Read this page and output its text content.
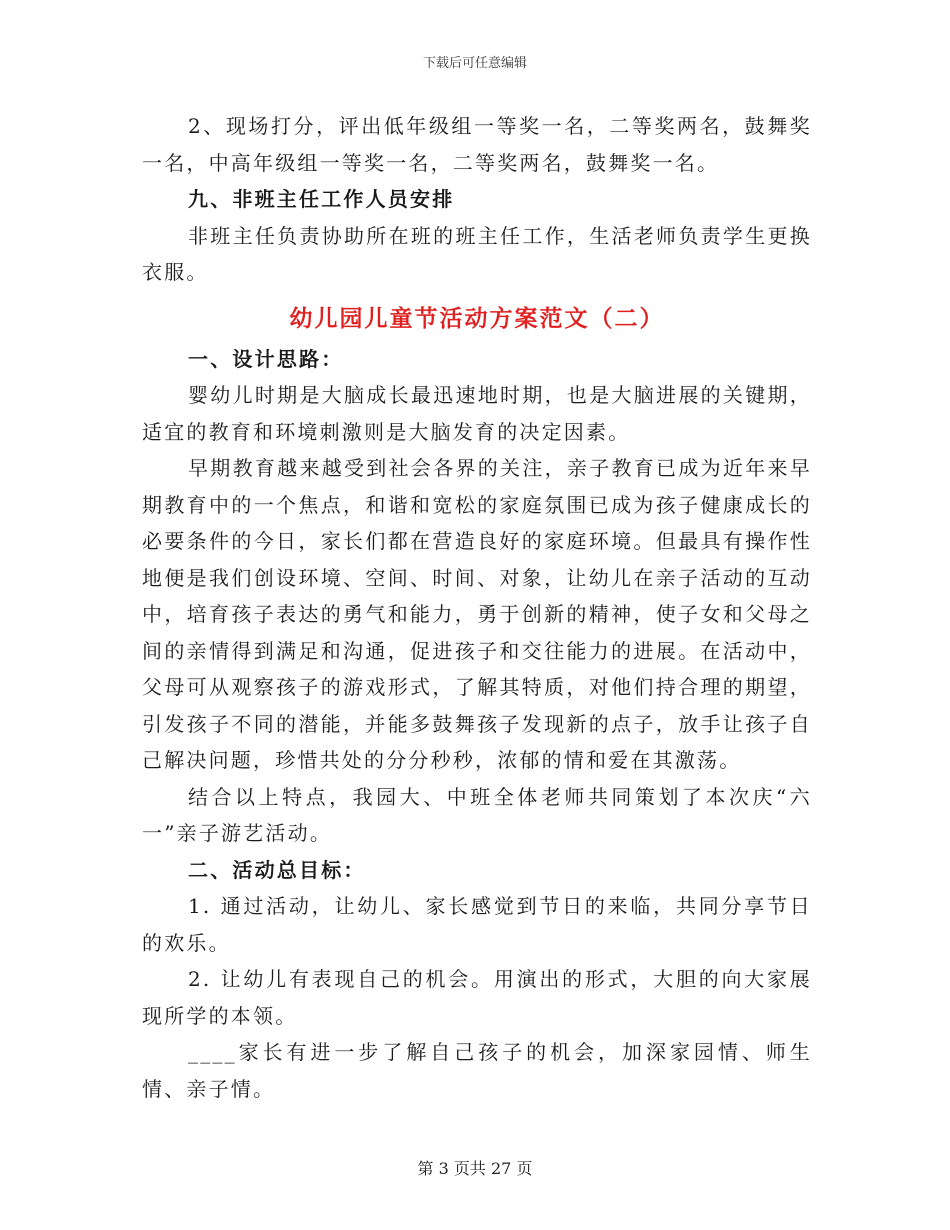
下载后可任意编辑

2、现场打分，评出低年级组一等奖一名，二等奖两名，鼓舞奖一名，中高年级组一等奖一名，二等奖两名，鼓舞奖一名。

九、非班主任工作人员安排

非班主任负责协助所在班的班主任工作，生活老师负责学生更换衣服。

幼儿园儿童节活动方案范文（二）

一、设计思路：

婴幼儿时期是大脑成长最迅速地时期，也是大脑进展的关键期，适宜的教育和环境刺激则是大脑发育的决定因素。

早期教育越来越受到社会各界的关注，亲子教育已成为近年来早期教育中的一个焦点，和谐和宽松的家庭氛围已成为孩子健康成长的必要条件的今日，家长们都在营造良好的家庭环境。但最具有操作性地便是我们创设环境、空间、时间、对象，让幼儿在亲子活动的互动中，培育孩子表达的勇气和能力，勇于创新的精神，使子女和父母之间的亲情得到满足和沟通，促进孩子和交往能力的进展。在活动中，父母可从观察孩子的游戏形式，了解其特质，对他们持合理的期望，引发孩子不同的潜能，并能多鼓舞孩子发现新的点子，放手让孩子自己解决问题，珍惜共处的分分秒秒，浓郁的情和爱在其激荡。

结合以上特点，我园大、中班全体老师共同策划了本次庆“六一”亲子游艺活动。

二、活动总目标：

1. 通过活动，让幼儿、家长感觉到节日的来临，共同分享节日的欢乐。

2. 让幼儿有表现自己的机会。用演出的形式，大胆的向大家展现所学的本领。

____家长有进一步了解自己孩子的机会，加深家园情、师生情、亲子情。

第 3 页共 27 页
